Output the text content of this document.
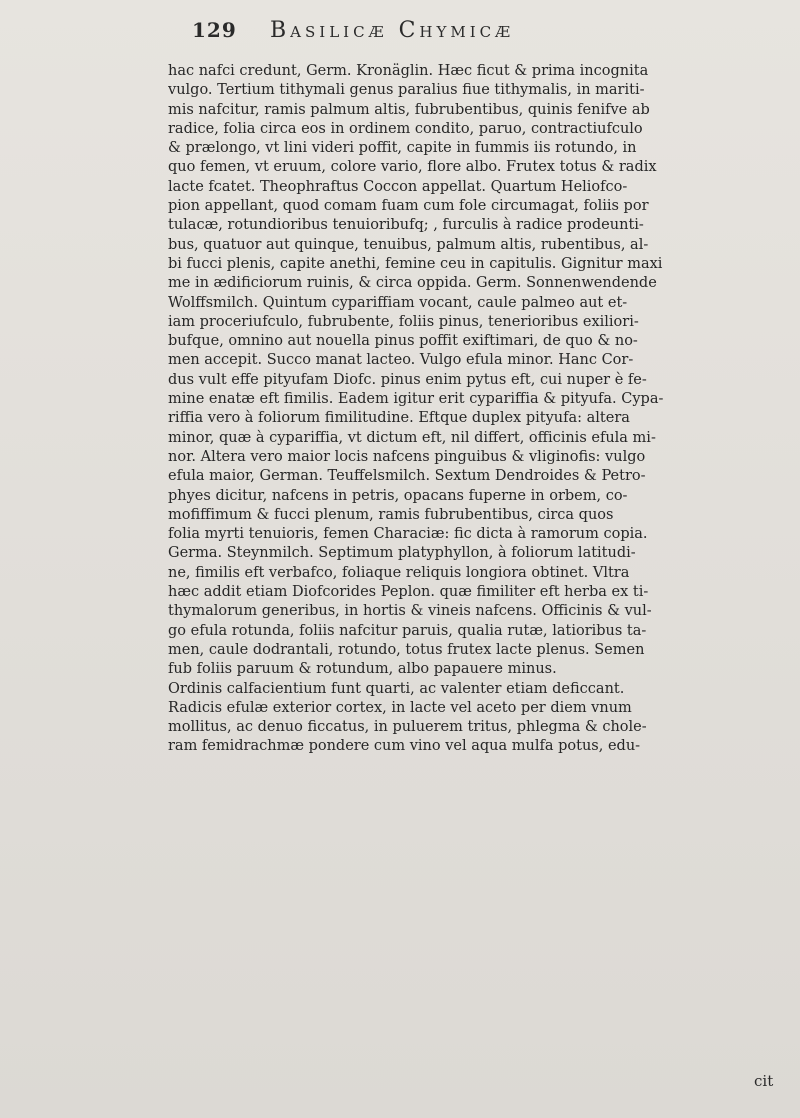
129 Basilicæ Chymicæ
hac nafci credunt, Germ. Kronäglin. Hæc ficut & prima incognita
vulgo. Tertium tithymali genus paralius fiue tithymalis, in mariti-
mis nafcitur, ramis palmum altis, fubrubentibus, quinis fenifve ab
radice, folia circa eos in ordinem condito, paruo, contractiufculo
& prælongo, vt lini videri poffit, capite in fummis iis rotundo, in
quo femen, vt eruum, colore vario, flore albo. Frutex totus & radix
lacte fcatet. Theophraftus Coccon appellat. Quartum Heliofco-
pion appellant, quod comam fuam cum fole circumagat, foliis por
tulacæ, rotundioribus tenuioribufq; , furculis à radice prodeunti-
bus, quatuor aut quinque, tenuibus, palmum altis, rubentibus, al-
bi fucci plenis, capite anethi, femine ceu in capitulis. Gignitur maxi
me in ædificiorum ruinis, & circa oppida. Germ. Sonnenwendende
Wolffsmilch. Quintum cypariffiam vocant, caule palmeo aut et-
iam proceriufculo, fubrubente, foliis pinus, tenerioribus exiliori-
bufque, omnino aut nouella pinus poffit exiftimari, de quo & no-
men accepit. Succo manat lacteo. Vulgo efula minor. Hanc Cor-
dus vult effe pityufam Diofc. pinus enim pytus eft, cui nuper è fe-
mine enatæ eft fimilis. Eadem igitur erit cypariffia & pityufa. Cypa-
riffia vero à foliorum fimilitudine. Eftque duplex pityufa: altera
minor, quæ à cypariffia, vt dictum eft, nil differt, officinis efula mi-
nor. Altera vero maior locis nafcens pinguibus & vliginofis: vulgo
efula maior, German. Teuffelsmilch. Sextum Dendroides & Petro-
phyes dicitur, nafcens in petris, opacans fuperne in orbem, co-
mofiffimum & fucci plenum, ramis fubrubentibus, circa quos
folia myrti tenuioris, femen Characiæ: fic dicta à ramorum copia.
Germa. Steynmilch. Septimum platyphyllon, à foliorum latitudi-
ne, fimilis eft verbafco, foliaque reliquis longiora obtinet. Vltra
hæc addit etiam Diofcorides Peplon. quæ fimiliter eft herba ex ti-
thymalorum generibus, in hortis & vineis nafcens. Officinis & vul-
go efula rotunda, foliis nafcitur paruis, qualia rutæ, latioribus ta-
men, caule dodrantali, rotundo, totus frutex lacte plenus. Semen
fub foliis paruum & rotundum, albo papauere minus.
Ordinis calfacientium funt quarti, ac valenter etiam deficcant.
Radicis efulæ exterior cortex, in lacte vel aceto per diem vnum
mollitus, ac denuo ficcatus, in puluerem tritus, phlegma & chole-
ram femidrachmæ pondere cum vino vel aqua mulfa potus, edu-
cit
